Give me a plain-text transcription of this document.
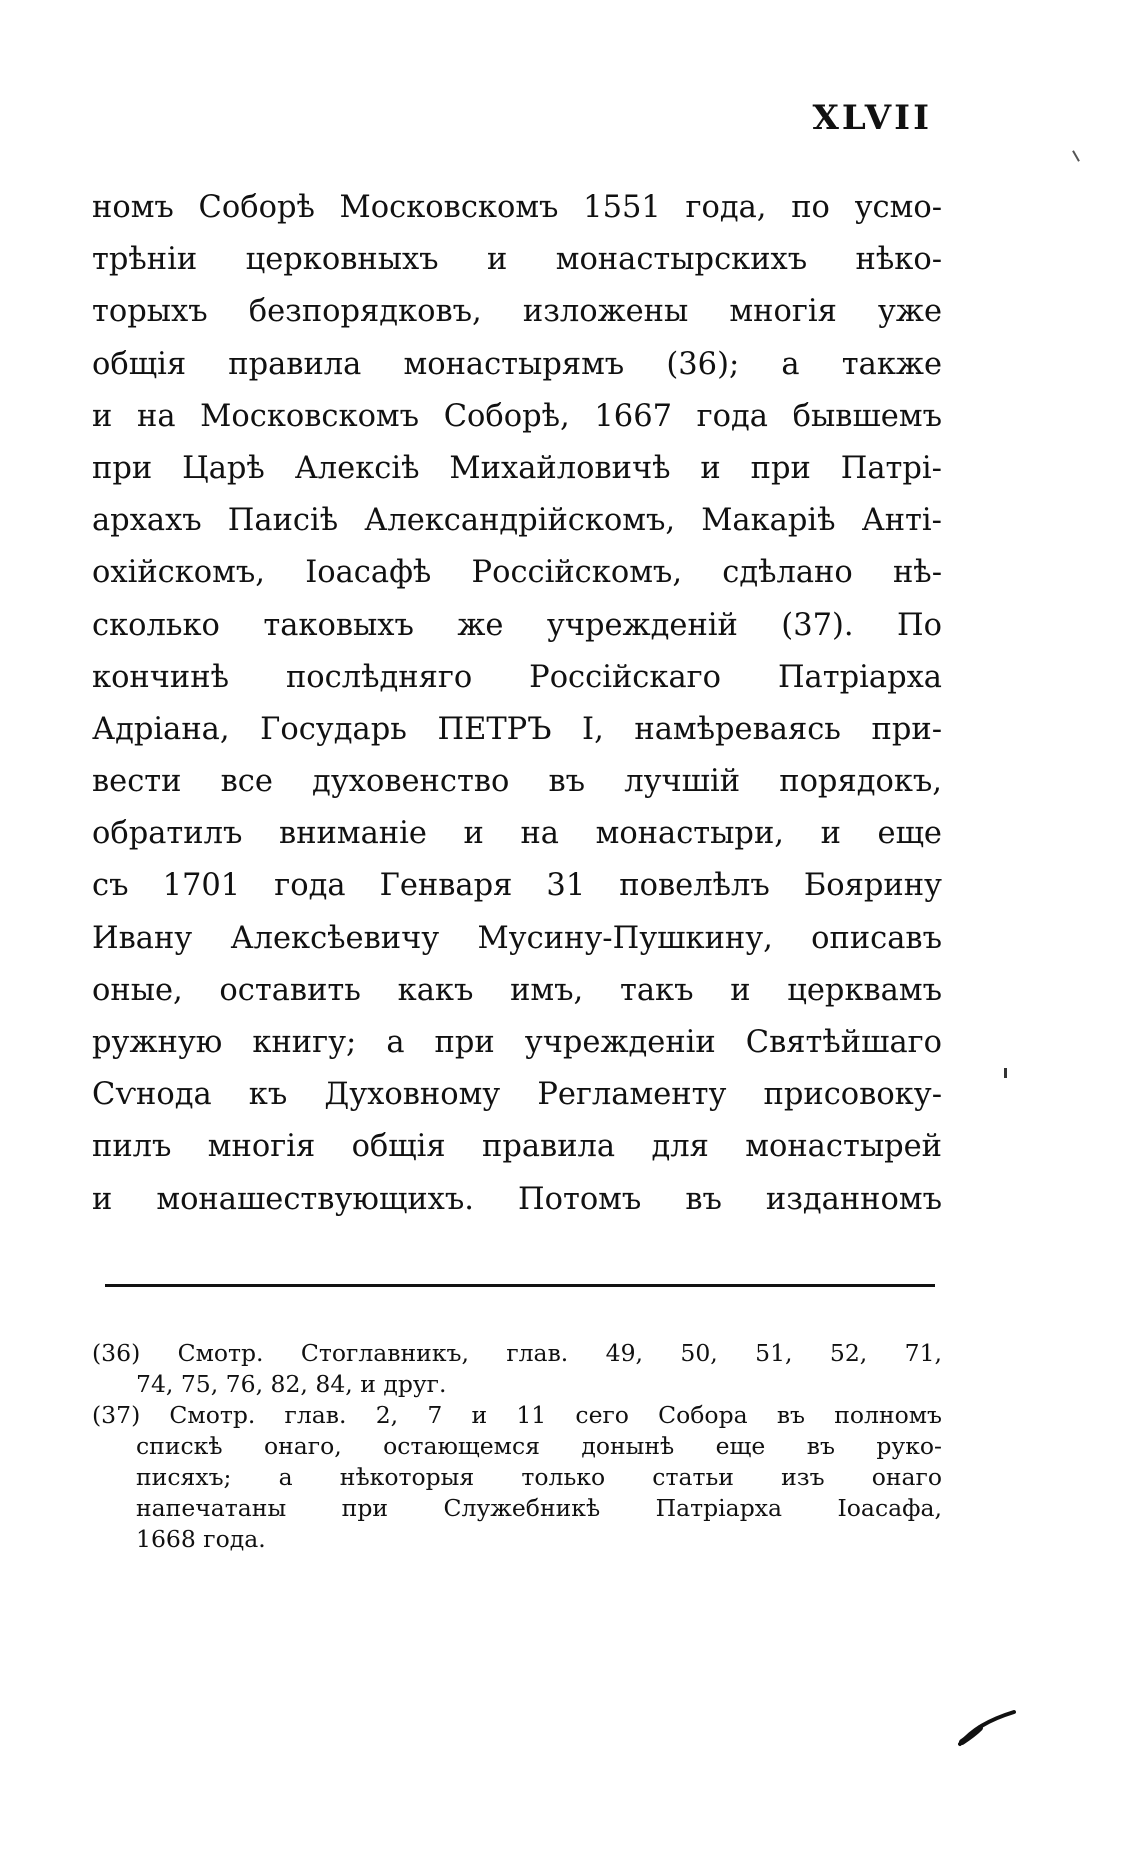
XLVII
номъ Соборѣ Московскомъ 1551 года, по усмо-
трѣніи церковныхъ и монастырскихъ нѣко-
торыхъ безпорядковъ, изложены многія уже
общія правила монастырямъ (36); а также
и на Московскомъ Соборѣ, 1667 года бывшемъ
при Царѣ Алексіѣ Михайловичѣ и при Патрі-
архахъ Паисіѣ Александрійскомъ, Макаріѣ Анті-
охійскомъ, Іоасафѣ Россійскомъ, сдѣлано нѣ-
сколько таковыхъ же учрежденій (37). По
кончинѣ послѣдняго Россійскаго Патріарха
Адріана, Государь ПЕТРЪ I, намѣреваясь при-
вести все духовенство въ лучшій порядокъ,
обратилъ вниманіе и на монастыри, и еще
съ 1701 года Генваря 31 повелѣлъ Боярину
Ивану Алексѣевичу Мусину-Пушкину, описавъ
оные, оставить какъ имъ, такъ и церквамъ
ружную книгу; а при учрежденіи Святѣйшаго
Сѵнода къ Духовному Регламенту присовоку-
пилъ многія общія правила для монастырей
и монашествующихъ. Потомъ въ изданномъ
(36) Смотр. Стоглавникъ, глав. 49, 50, 51, 52, 71,
74, 75, 76, 82, 84, и друг.
(37) Смотр. глав. 2, 7 и 11 сего Собора въ полномъ
спискѣ онаго, остающемся донынѣ еще въ руко-
писяхъ; а нѣкоторыя только статьи изъ онаго
напечатаны при Служебникѣ Патріарха Іоасафа,
1668 года.
